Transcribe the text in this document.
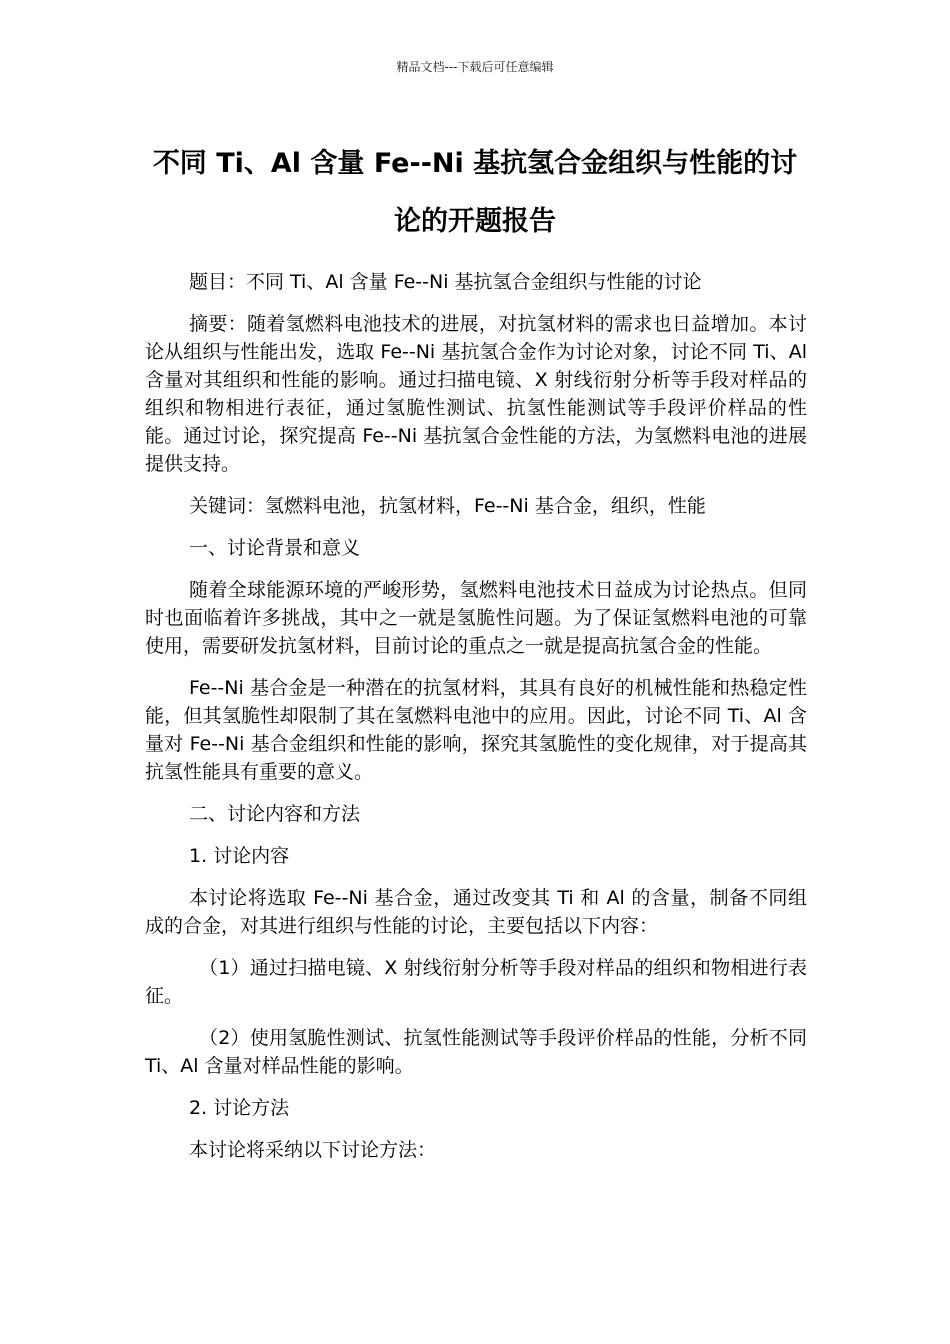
精品文档---下载后可任意编辑
不同 Ti、Al 含量 Fe--Ni 基抗氢合金组织与性能的讨论的开题报告

题目：不同 Ti、Al 含量 Fe--Ni 基抗氢合金组织与性能的讨论

摘要：随着氢燃料电池技术的进展，对抗氢材料的需求也日益增加。本讨论从组织与性能出发，选取 Fe--Ni 基抗氢合金作为讨论对象，讨论不同 Ti、Al 含量对其组织和性能的影响。通过扫描电镜、X 射线衍射分析等手段对样品的组织和物相进行表征，通过氢脆性测试、抗氢性能测试等手段评价样品的性能。通过讨论，探究提高 Fe--Ni 基抗氢合金性能的方法，为氢燃料电池的进展提供支持。

关键词：氢燃料电池，抗氢材料，Fe--Ni 基合金，组织，性能

一、讨论背景和意义

随着全球能源环境的严峻形势，氢燃料电池技术日益成为讨论热点。但同时也面临着许多挑战，其中之一就是氢脆性问题。为了保证氢燃料电池的可靠使用，需要研发抗氢材料，目前讨论的重点之一就是提高抗氢合金的性能。

Fe--Ni 基合金是一种潜在的抗氢材料，其具有良好的机械性能和热稳定性能，但其氢脆性却限制了其在氢燃料电池中的应用。因此，讨论不同 Ti、Al 含量对 Fe--Ni 基合金组织和性能的影响，探究其氢脆性的变化规律，对于提高其抗氢性能具有重要的意义。

二、讨论内容和方法

1. 讨论内容

本讨论将选取 Fe--Ni 基合金，通过改变其 Ti 和 Al 的含量，制备不同组成的合金，对其进行组织与性能的讨论，主要包括以下内容：

（1）通过扫描电镜、X 射线衍射分析等手段对样品的组织和物相进行表征。

（2）使用氢脆性测试、抗氢性能测试等手段评价样品的性能，分析不同 Ti、Al 含量对样品性能的影响。

2. 讨论方法

本讨论将采纳以下讨论方法：
